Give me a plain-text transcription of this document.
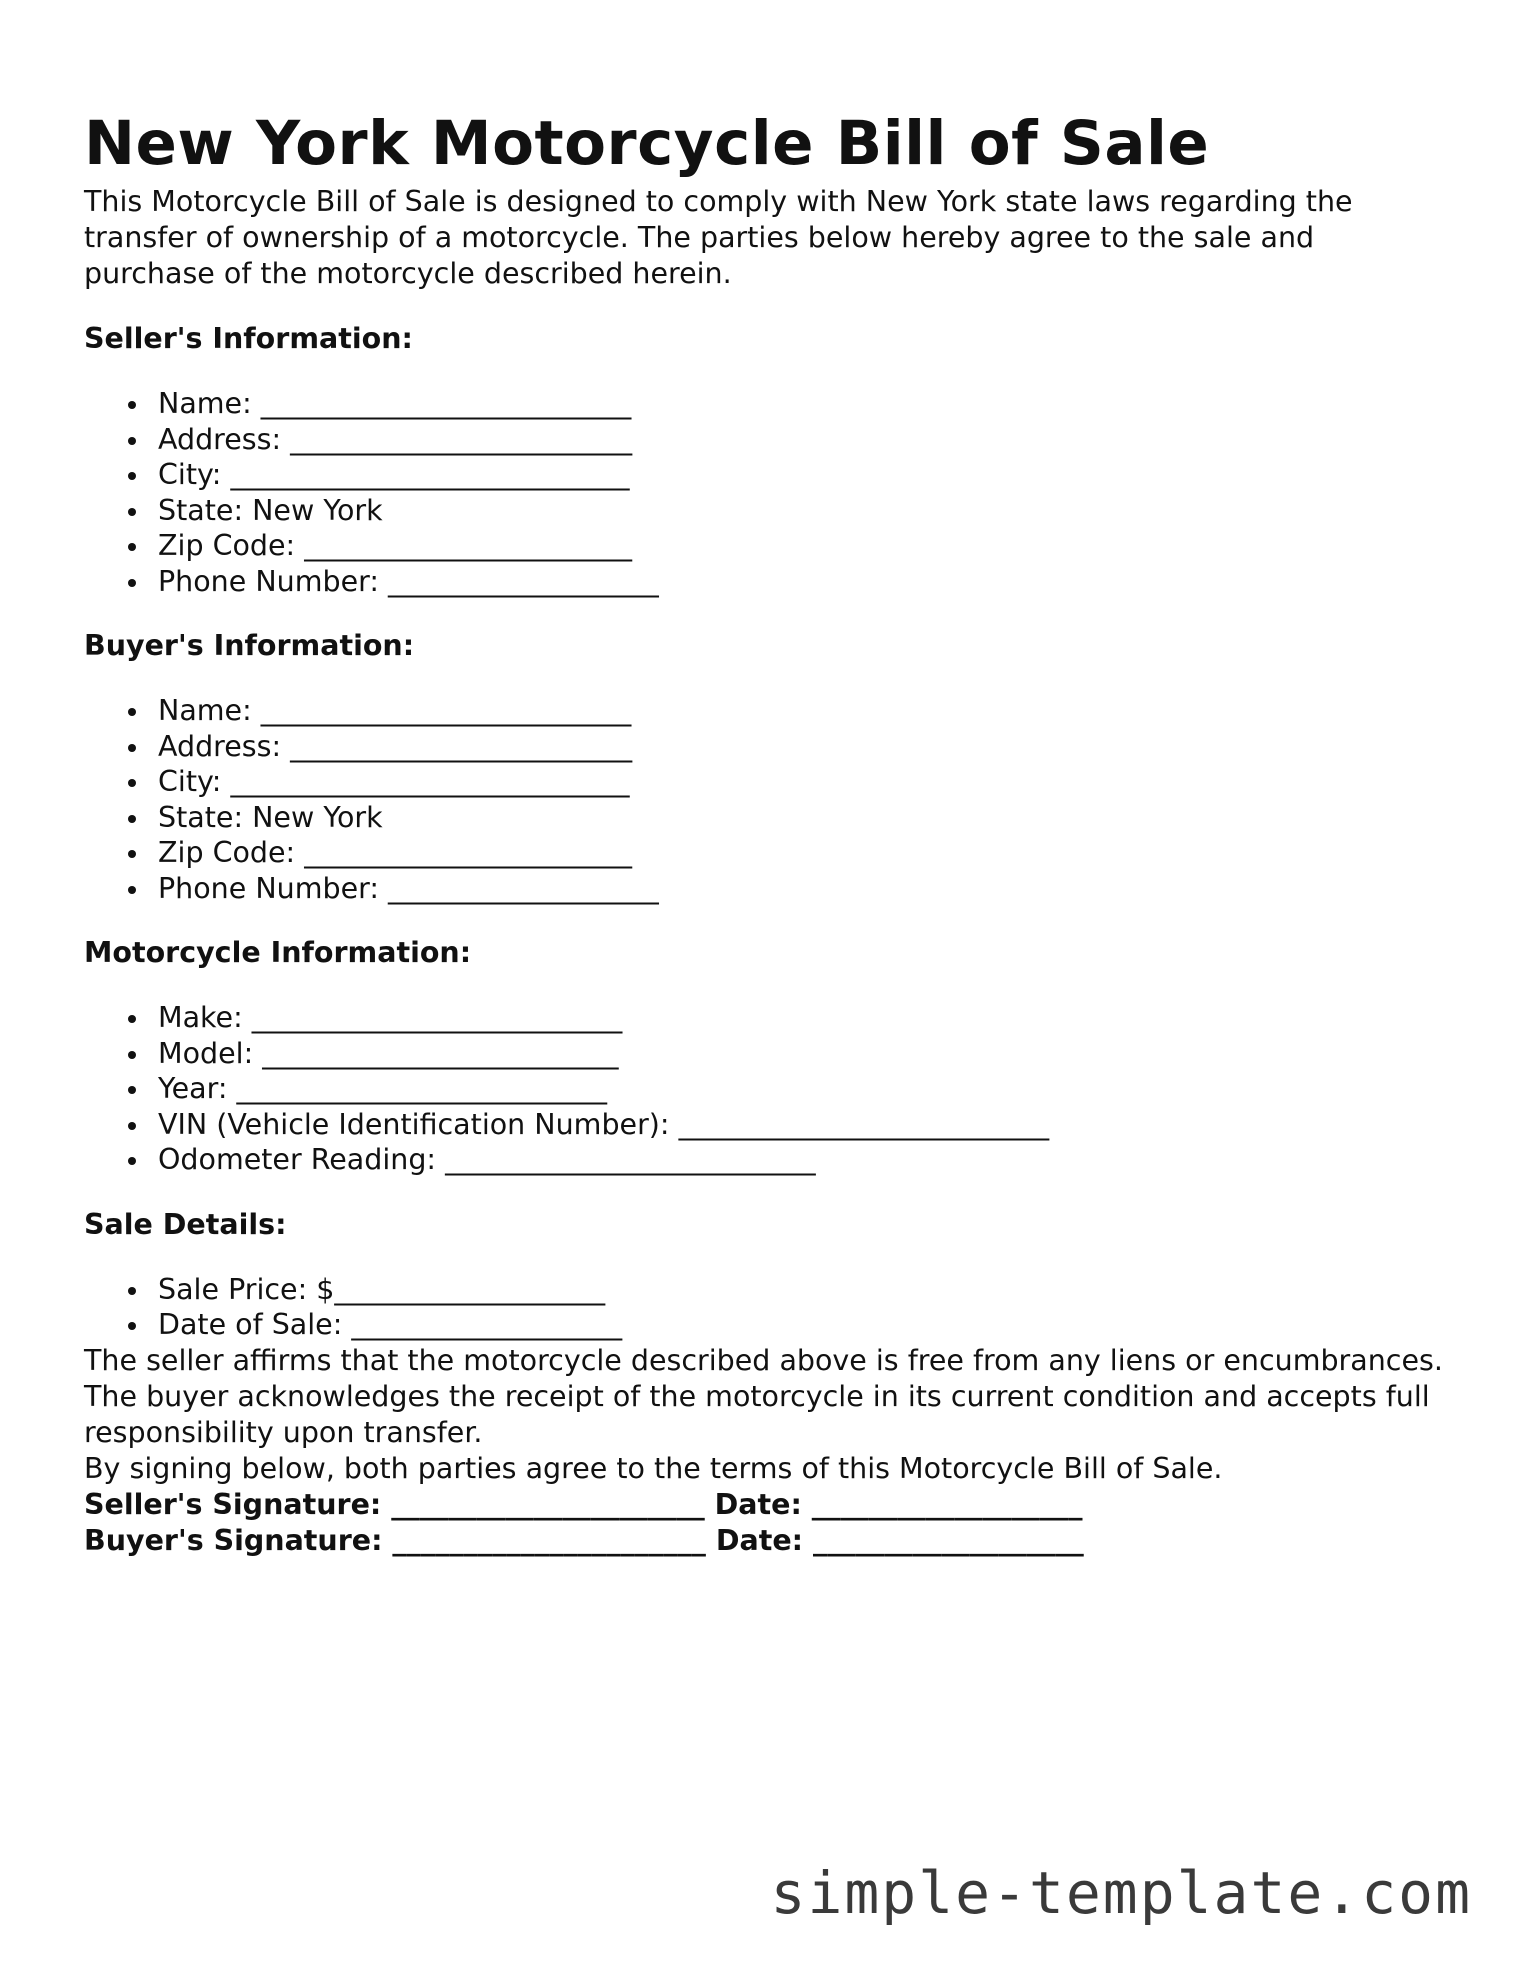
New York Motorcycle Bill of Sale

This Motorcycle Bill of Sale is designed to comply with New York state laws regarding the transfer of ownership of a motorcycle. The parties below hereby agree to the sale and purchase of the motorcycle described herein.

Seller's Information:
Name: __________________________
Address: ________________________
City: ____________________________
State: New York
Zip Code: _______________________
Phone Number: ___________________
Buyer's Information:
Name: __________________________
Address: ________________________
City: ____________________________
State: New York
Zip Code: _______________________
Phone Number: ___________________
Motorcycle Information:
Make: __________________________
Model: _________________________
Year: __________________________
VIN (Vehicle Identification Number): __________________________
Odometer Reading: __________________________
Sale Details:
Sale Price: $___________________
Date of Sale: ___________________

The seller affirms that the motorcycle described above is free from any liens or encumbrances. The buyer acknowledges the receipt of the motorcycle in its current condition and accepts full responsibility upon transfer.

By signing below, both parties agree to the terms of this Motorcycle Bill of Sale.

Seller's Signature: ______________________ Date: ___________________

Buyer's Signature: ______________________ Date: ___________________

simple-template.com
